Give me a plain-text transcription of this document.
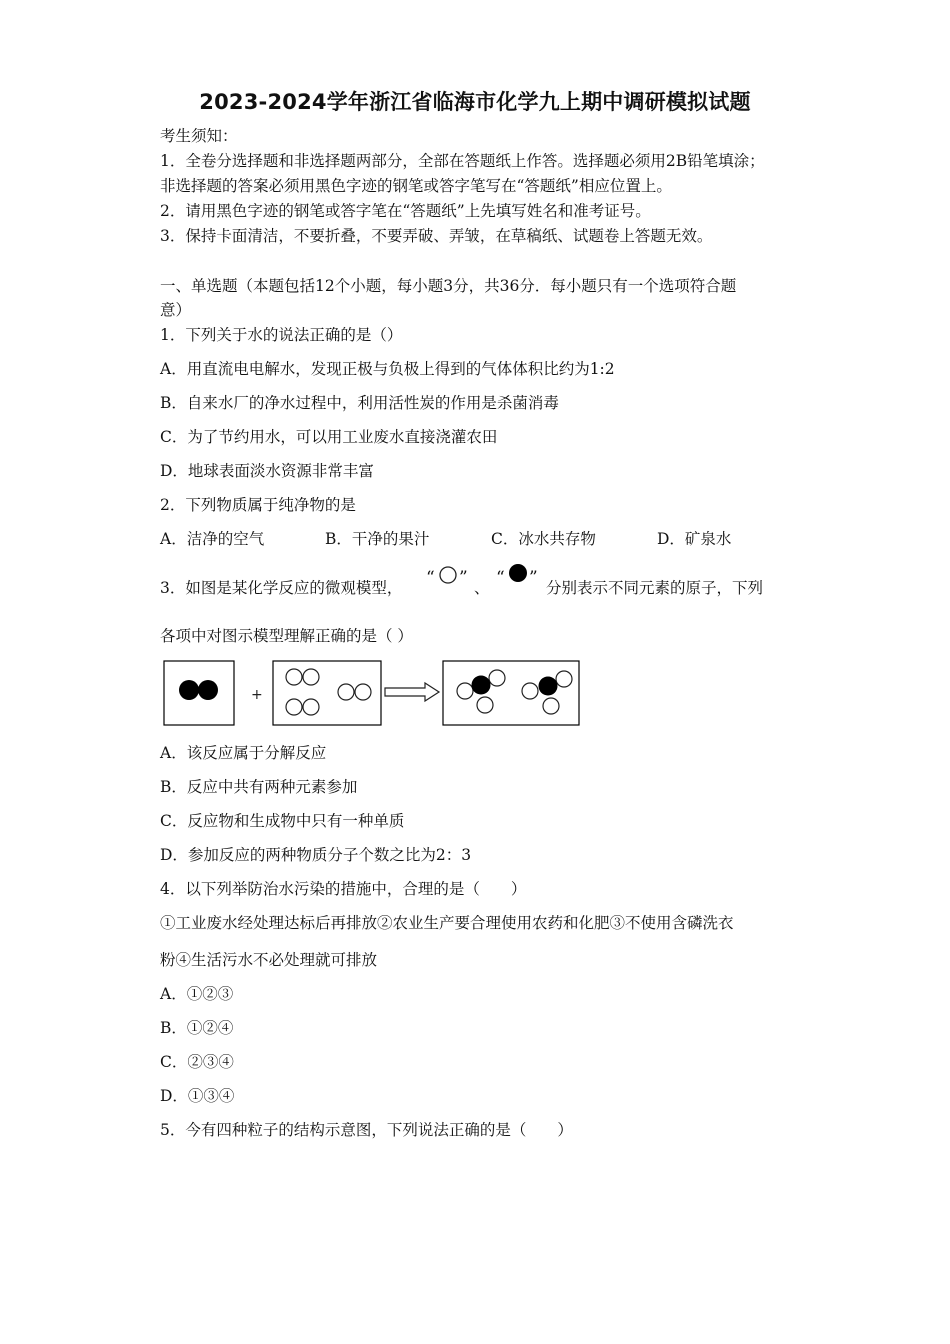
2023-2024学年浙江省临海市化学九上期中调研模拟试题
考生须知：
1．全卷分选择题和非选择题两部分，全部在答题纸上作答。选择题必须用2B铅笔填涂；
非选择题的答案必须用黑色字迹的钢笔或答字笔写在“答题纸”相应位置上。
2．请用黑色字迹的钢笔或答字笔在“答题纸”上先填写姓名和准考证号。
3．保持卡面清洁，不要折叠，不要弄破、弄皱，在草稿纸、试题卷上答题无效。
一、单选题（本题包括12个小题，每小题3分，共36分．每小题只有一个选项符合题
意）
1．下列关于水的说法正确的是（）
A．用直流电电解水，发现正极与负极上得到的气体体积比约为1:2
B．自来水厂的净水过程中，利用活性炭的作用是杀菌消毒
C．为了节约用水，可以用工业废水直接浇灌农田
D．地球表面淡水资源非常丰富
2．下列物质属于纯净物的是
A．洁净的空气	B．干净的果汁	C．冰水共存物	D．矿泉水
3．如图是某化学反应的微观模型， “ ” 、 “ ” 分别表示不同元素的原子，下列
各项中对图示模型理解正确的是（ ）
+
A．该反应属于分解反应
B．反应中共有两种元素参加
C．反应物和生成物中只有一种单质
D．参加反应的两种物质分子个数之比为2：3
4．以下列举防治水污染的措施中，合理的是（　　）
①工业废水经处理达标后再排放②农业生产要合理使用农药和化肥③不使用含磷洗衣
粉④生活污水不必处理就可排放
A．①②③
B．①②④
C．②③④
D．①③④
5．今有四种粒子的结构示意图，下列说法正确的是（　　）
